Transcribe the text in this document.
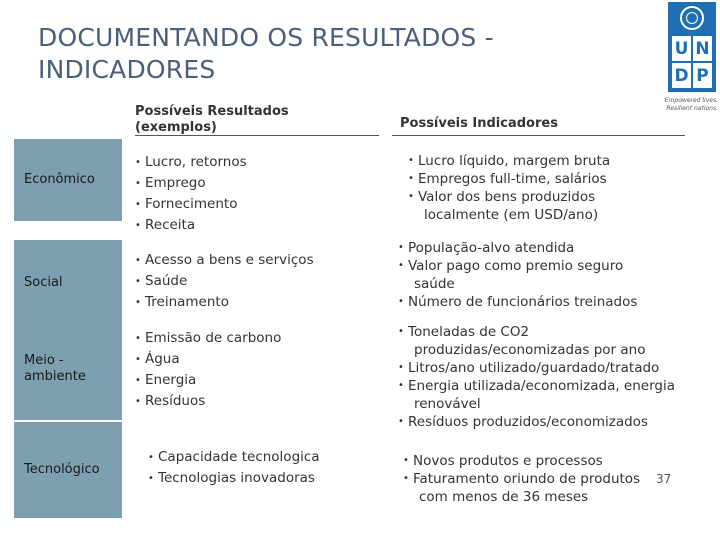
DOCUMENTANDO OS RESULTADOS - INDICADORES
U N
D P
Empowered lives. Resilient nations.
Possíveis Resultados (exemplos)	Possíveis Indicadores
Econômico
Social
Meio - ambiente
Tecnológico
• Lucro, retornos
• Emprego
• Fornecimento
• Receita
• Acesso a bens e serviços
• Saúde
• Treinamento
• Emissão de carbono
• Água
• Energia
• Resíduos
• Capacidade tecnologica
• Tecnologias inovadoras
• Lucro líquido, margem bruta
• Empregos full-time, salários
• Valor dos bens produzidos
localmente (em USD/ano)
• População-alvo atendida
• Valor pago como premio seguro
saúde
• Número de funcionários treinados
• Toneladas de CO2
produzidas/economizadas por ano
• Litros/ano utilizado/guardado/tratado
• Energia utilizada/economizada, energia
renovável
• Resíduos produzidos/economizados
• Novos produtos e processos
• Faturamento oriundo de produtos
com menos de 36 meses
37
